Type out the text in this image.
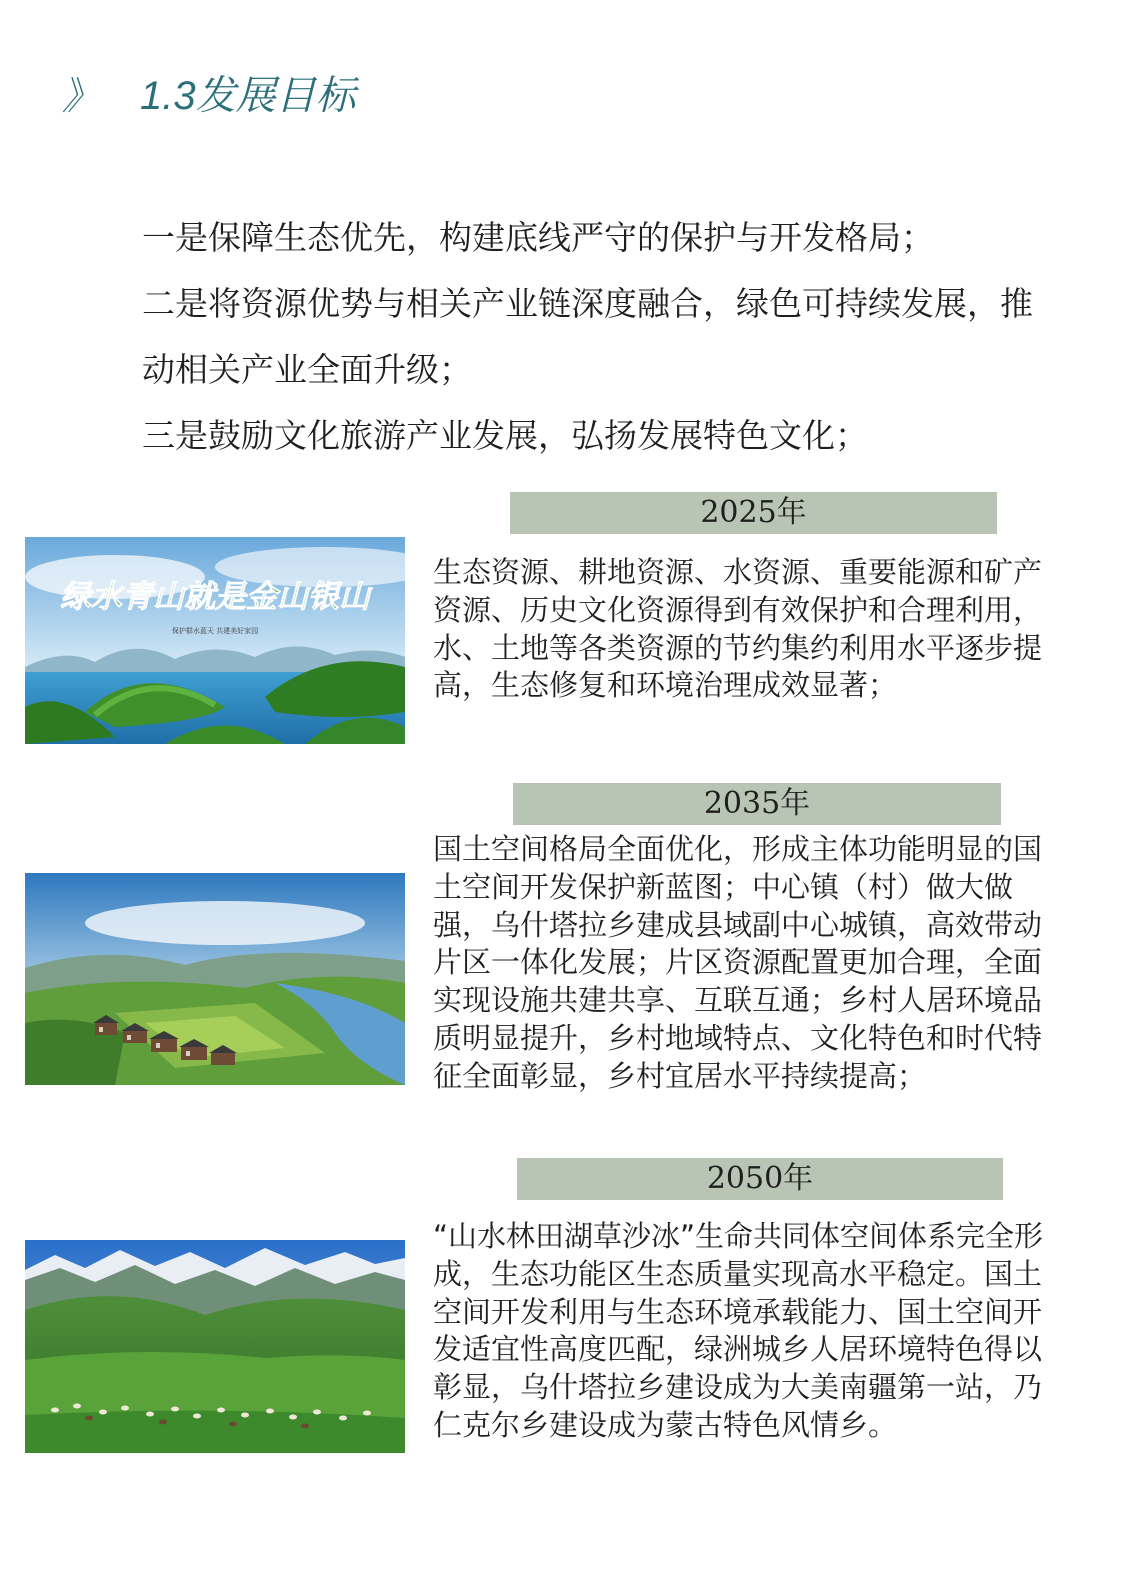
》 1.3发展目标

一是保障生态优先，构建底线严守的保护与开发格局；

二是将资源优势与相关产业链深度融合，绿色可持续发展，推动相关产业全面升级；

三是鼓励文化旅游产业发展，弘扬发展特色文化；

2025年
绿水青山就是金山银山
保护群水蓝天 共建美好家园
生态资源、耕地资源、水资源、重要能源和矿产资源、历史文化资源得到有效保护和合理利用，水、土地等各类资源的节约集约利用水平逐步提高，生态修复和环境治理成效显著；
2035年
国土空间格局全面优化，形成主体功能明显的国土空间开发保护新蓝图；中心镇（村）做大做强，乌什塔拉乡建成县域副中心城镇，高效带动片区一体化发展；片区资源配置更加合理，全面实现设施共建共享、互联互通；乡村人居环境品质明显提升，乡村地域特点、文化特色和时代特征全面彰显，乡村宜居水平持续提高；
2050年
“山水林田湖草沙冰”生命共同体空间体系完全形成，生态功能区生态质量实现高水平稳定。国土空间开发利用与生态环境承载能力、国土空间开发适宜性高度匹配，绿洲城乡人居环境特色得以彰显，乌什塔拉乡建设成为大美南疆第一站，乃仁克尔乡建设成为蒙古特色风情乡。
